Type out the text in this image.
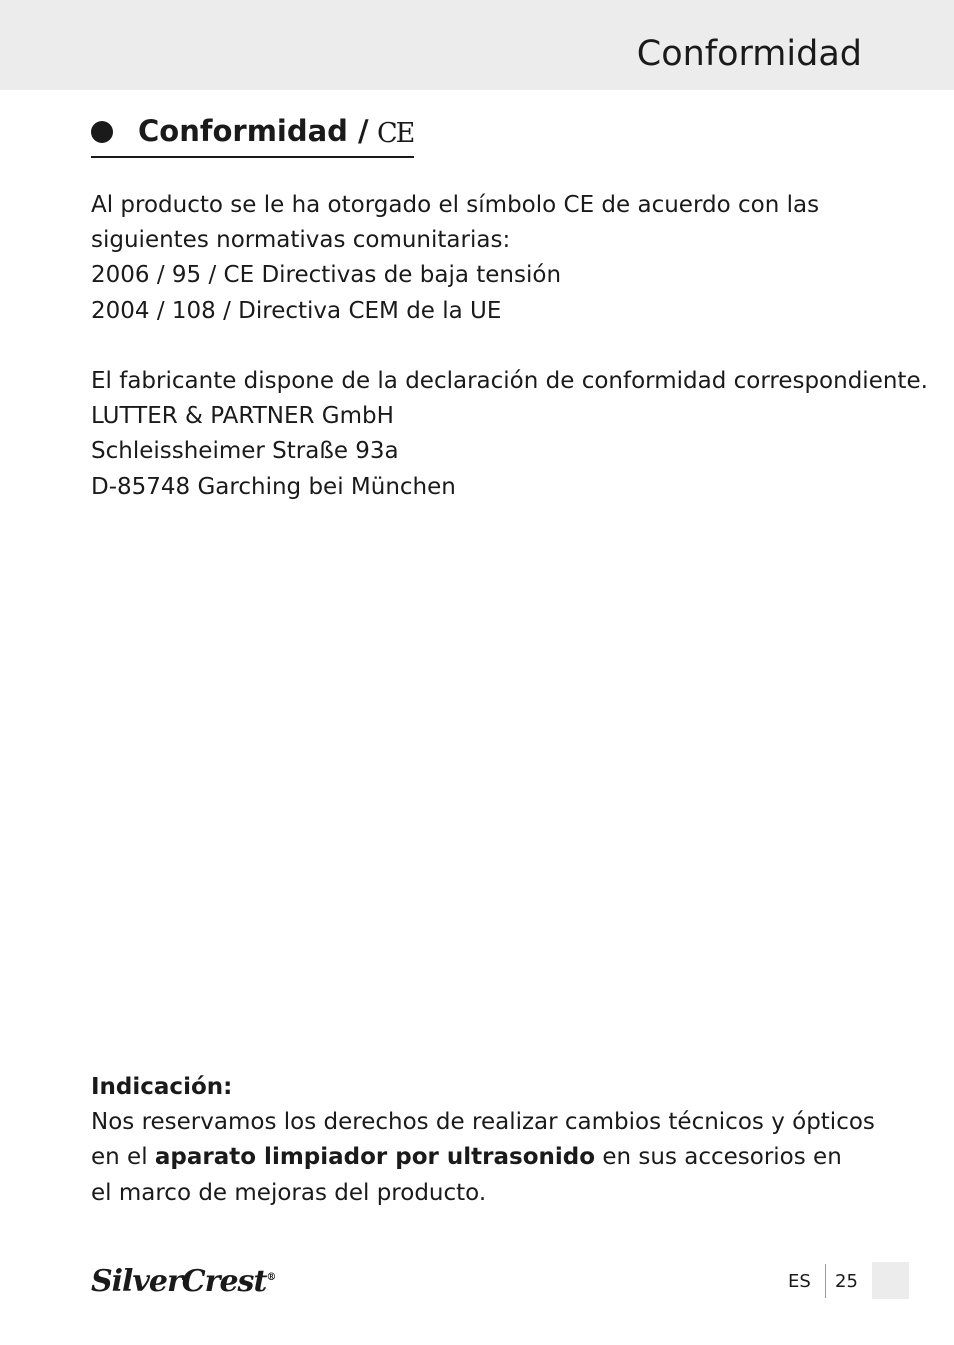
Conformidad
Conformidad / CE
Al producto se le ha otorgado el símbolo CE de acuerdo con las
siguientes normativas comunitarias:
2006 / 95 / CE Directivas de baja tensión
2004 / 108 / Directiva CEM de la UE
El fabricante dispone de la declaración de conformidad correspondiente.
LUTTER & PARTNER GmbH
Schleissheimer Straße 93a
D-85748 Garching bei München
Indicación:
Nos reservamos los derechos de realizar cambios técnicos y ópticos
en el aparato limpiador por ultrasonido en sus accesorios en
el marco de mejoras del producto.
SilverCrest®	ES 25
